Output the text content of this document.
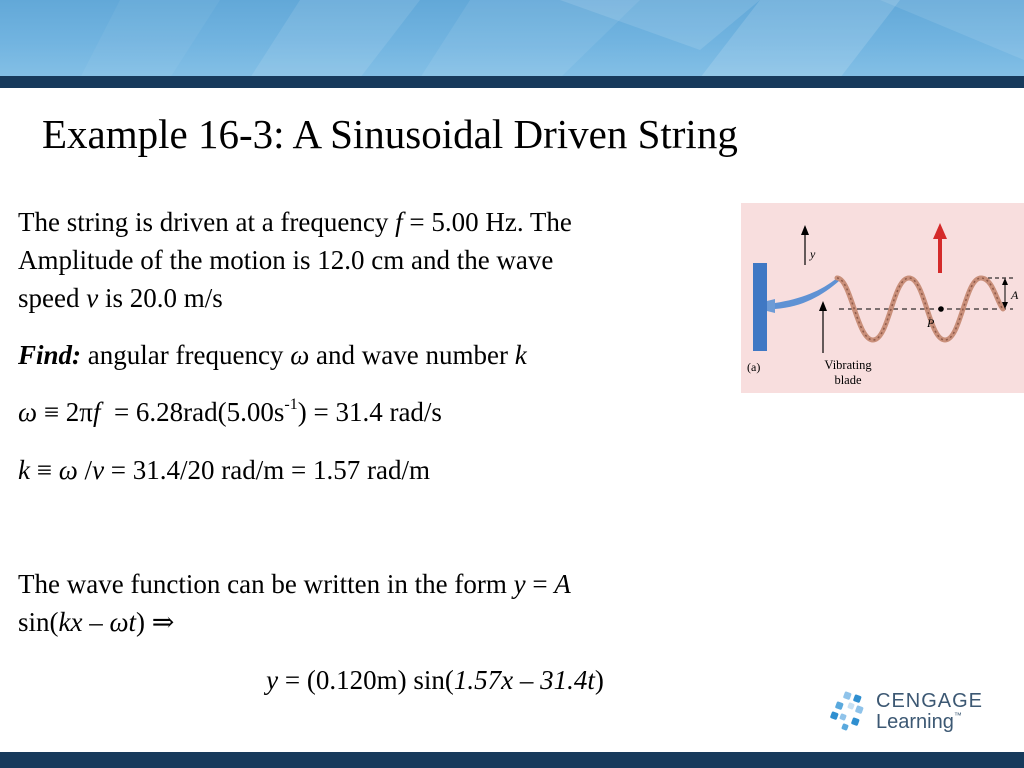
Example 16-3: A Sinusoidal Driven String

The string is driven at a frequency f = 5.00 Hz. The

Amplitude of the motion is 12.0 cm and the wave

speed v is 20.0 m/s

Find: angular frequency ω and wave number k
$\omega \equiv 2\pi f = 6.28rad(5.00s^{-1}) = 31.4$ rad/s
k ≡ ω /v = 31.4/20 rad/m = 1.57 rad/m
The wave function can be written in the form y = A
sin(kx – ωt) ⇒
y = (0.120m) sin(1.57x – 31.4t)
P
y
A
(a)	Vibrating
blade
CENGAGE
Learning™
